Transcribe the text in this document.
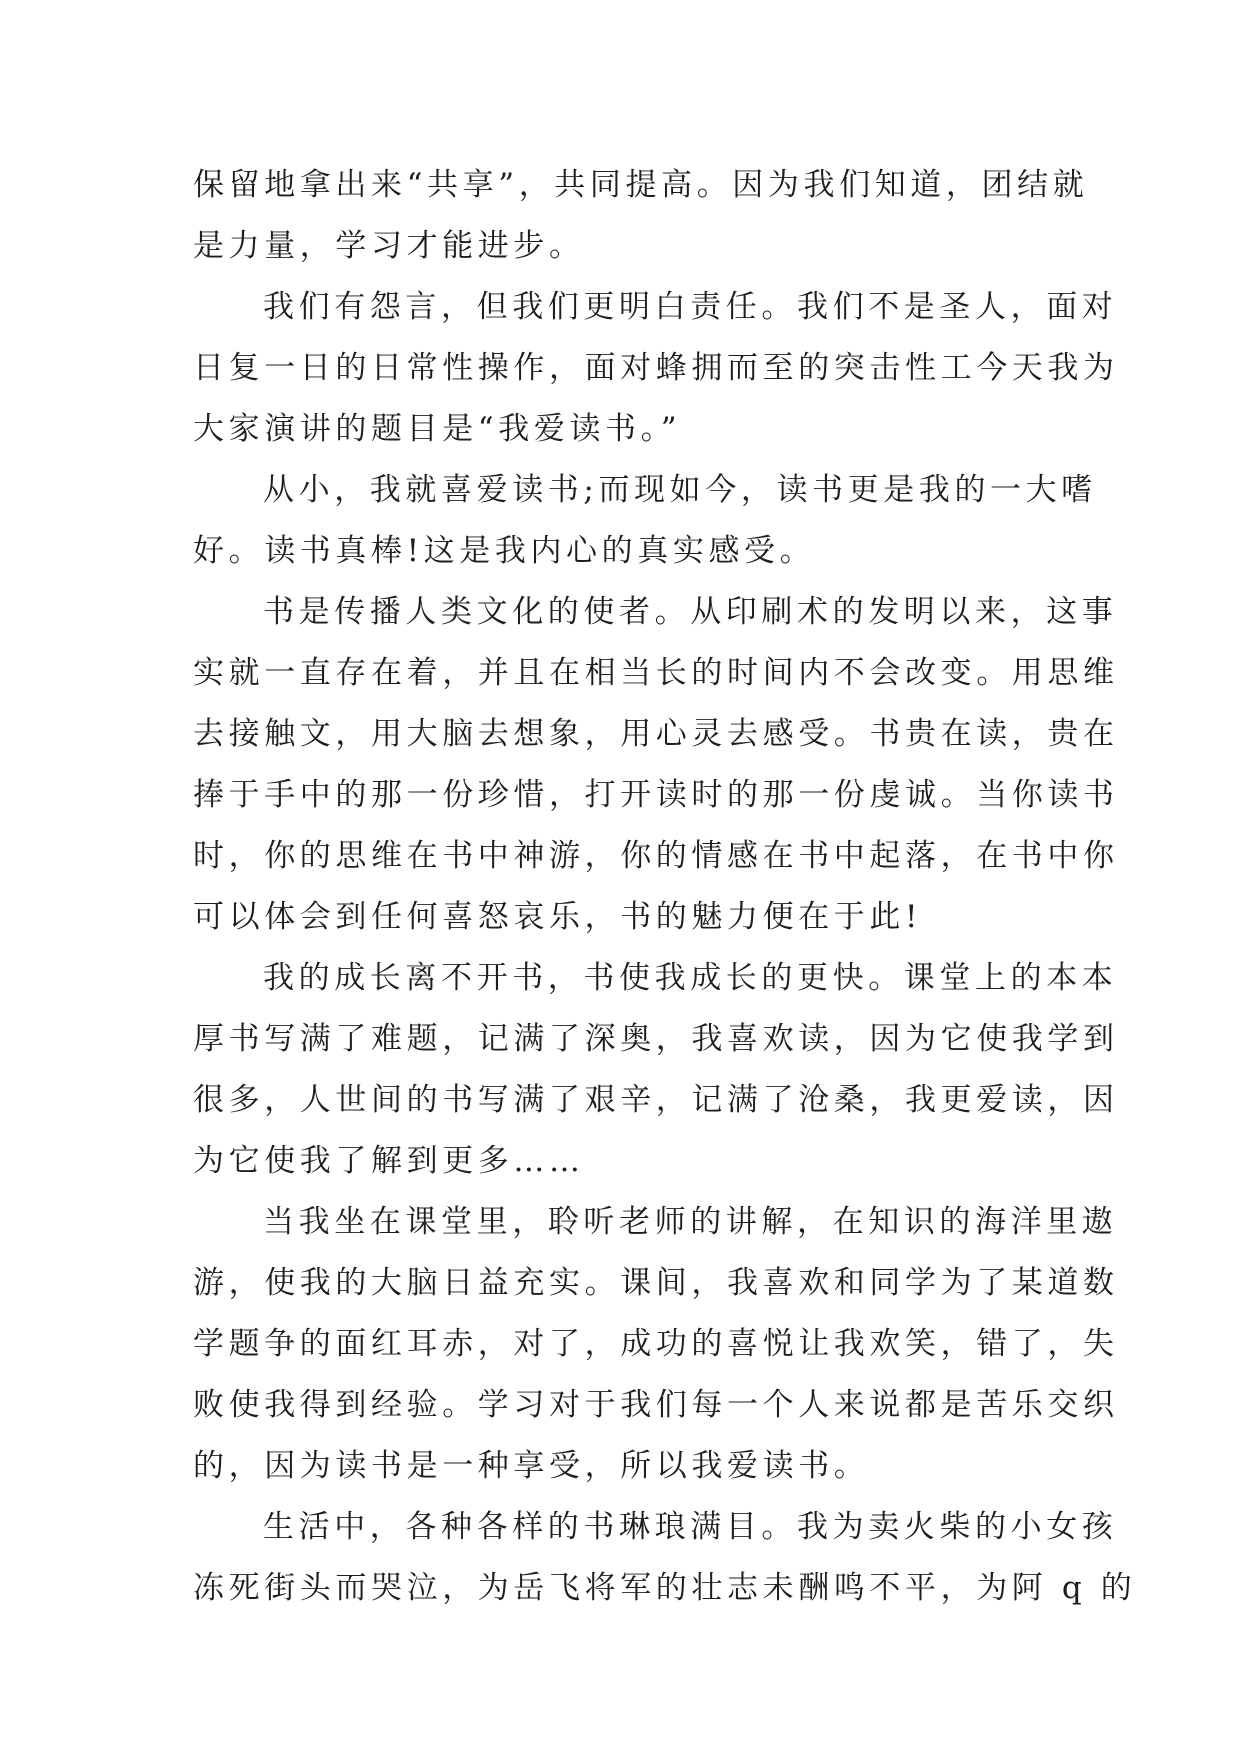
保留地拿出来“共享”，共同提高。因为我们知道，团结就
是力量，学习才能进步。
我们有怨言，但我们更明白责任。我们不是圣人，面对
日复一日的日常性操作，面对蜂拥而至的突击性工今天我为
大家演讲的题目是“我爱读书。”
从小，我就喜爱读书;而现如今，读书更是我的一大嗜
好。读书真棒!这是我内心的真实感受。
书是传播人类文化的使者。从印刷术的发明以来，这事
实就一直存在着，并且在相当长的时间内不会改变。用思维
去接触文，用大脑去想象，用心灵去感受。书贵在读，贵在
捧于手中的那一份珍惜，打开读时的那一份虔诚。当你读书
时，你的思维在书中神游，你的情感在书中起落，在书中你
可以体会到任何喜怒哀乐，书的魅力便在于此!
我的成长离不开书，书使我成长的更快。课堂上的本本
厚书写满了难题，记满了深奥，我喜欢读，因为它使我学到
很多，人世间的书写满了艰辛，记满了沧桑，我更爱读，因
为它使我了解到更多……
当我坐在课堂里，聆听老师的讲解，在知识的海洋里遨
游，使我的大脑日益充实。课间，我喜欢和同学为了某道数
学题争的面红耳赤，对了，成功的喜悦让我欢笑，错了，失
败使我得到经验。学习对于我们每一个人来说都是苦乐交织
的，因为读书是一种享受，所以我爱读书。
生活中，各种各样的书琳琅满目。我为卖火柴的小女孩
冻死街头而哭泣，为岳飞将军的壮志未酬鸣不平，为阿 q 的
